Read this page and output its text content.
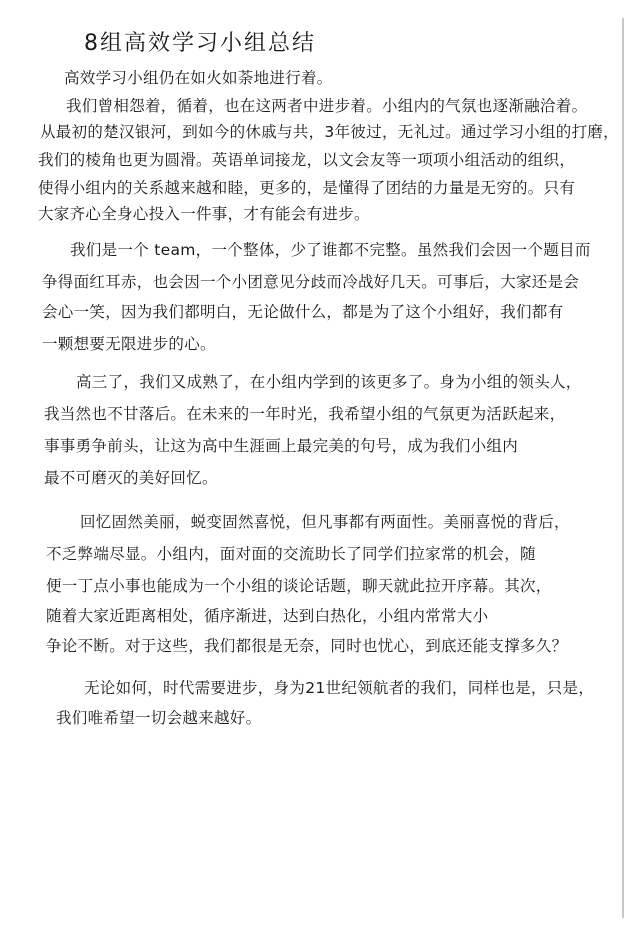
8组高效学习小组总结
高效学习小组仍在如火如荼地进行着。
我们曾相怨着，循着，也在这两者中进步着。小组内的气氛也逐渐融洽着。
从最初的楚汉银河，到如今的休戚与共，3年彼过，无礼过。通过学习小组的打磨，
我们的棱角也更为圆滑。英语单词接龙，以文会友等一项项小组活动的组织，
使得小组内的关系越来越和睦，更多的，是懂得了团结的力量是无穷的。只有
大家齐心全身心投入一件事，才有能会有进步。
我们是一个 team，一个整体，少了谁都不完整。虽然我们会因一个题目而
争得面红耳赤，也会因一个小团意见分歧而冷战好几天。可事后，大家还是会
会心一笑，因为我们都明白，无论做什么，都是为了这个小组好，我们都有
一颗想要无限进步的心。
高三了，我们又成熟了，在小组内学到的该更多了。身为小组的领头人，
我当然也不甘落后。在未来的一年时光，我希望小组的气氛更为活跃起来，
事事勇争前头，让这为高中生涯画上最完美的句号，成为我们小组内
最不可磨灭的美好回忆。
回忆固然美丽，蜕变固然喜悦，但凡事都有两面性。美丽喜悦的背后，
不乏弊端尽显。小组内，面对面的交流助长了同学们拉家常的机会，随
便一丁点小事也能成为一个小组的谈论话题，聊天就此拉开序幕。其次，
随着大家近距离相处，循序渐进，达到白热化，小组内常常大小
争论不断。对于这些，我们都很是无奈，同时也忧心，到底还能支撑多久？
无论如何，时代需要进步，身为21世纪领航者的我们，同样也是，只是，
我们唯希望一切会越来越好。
